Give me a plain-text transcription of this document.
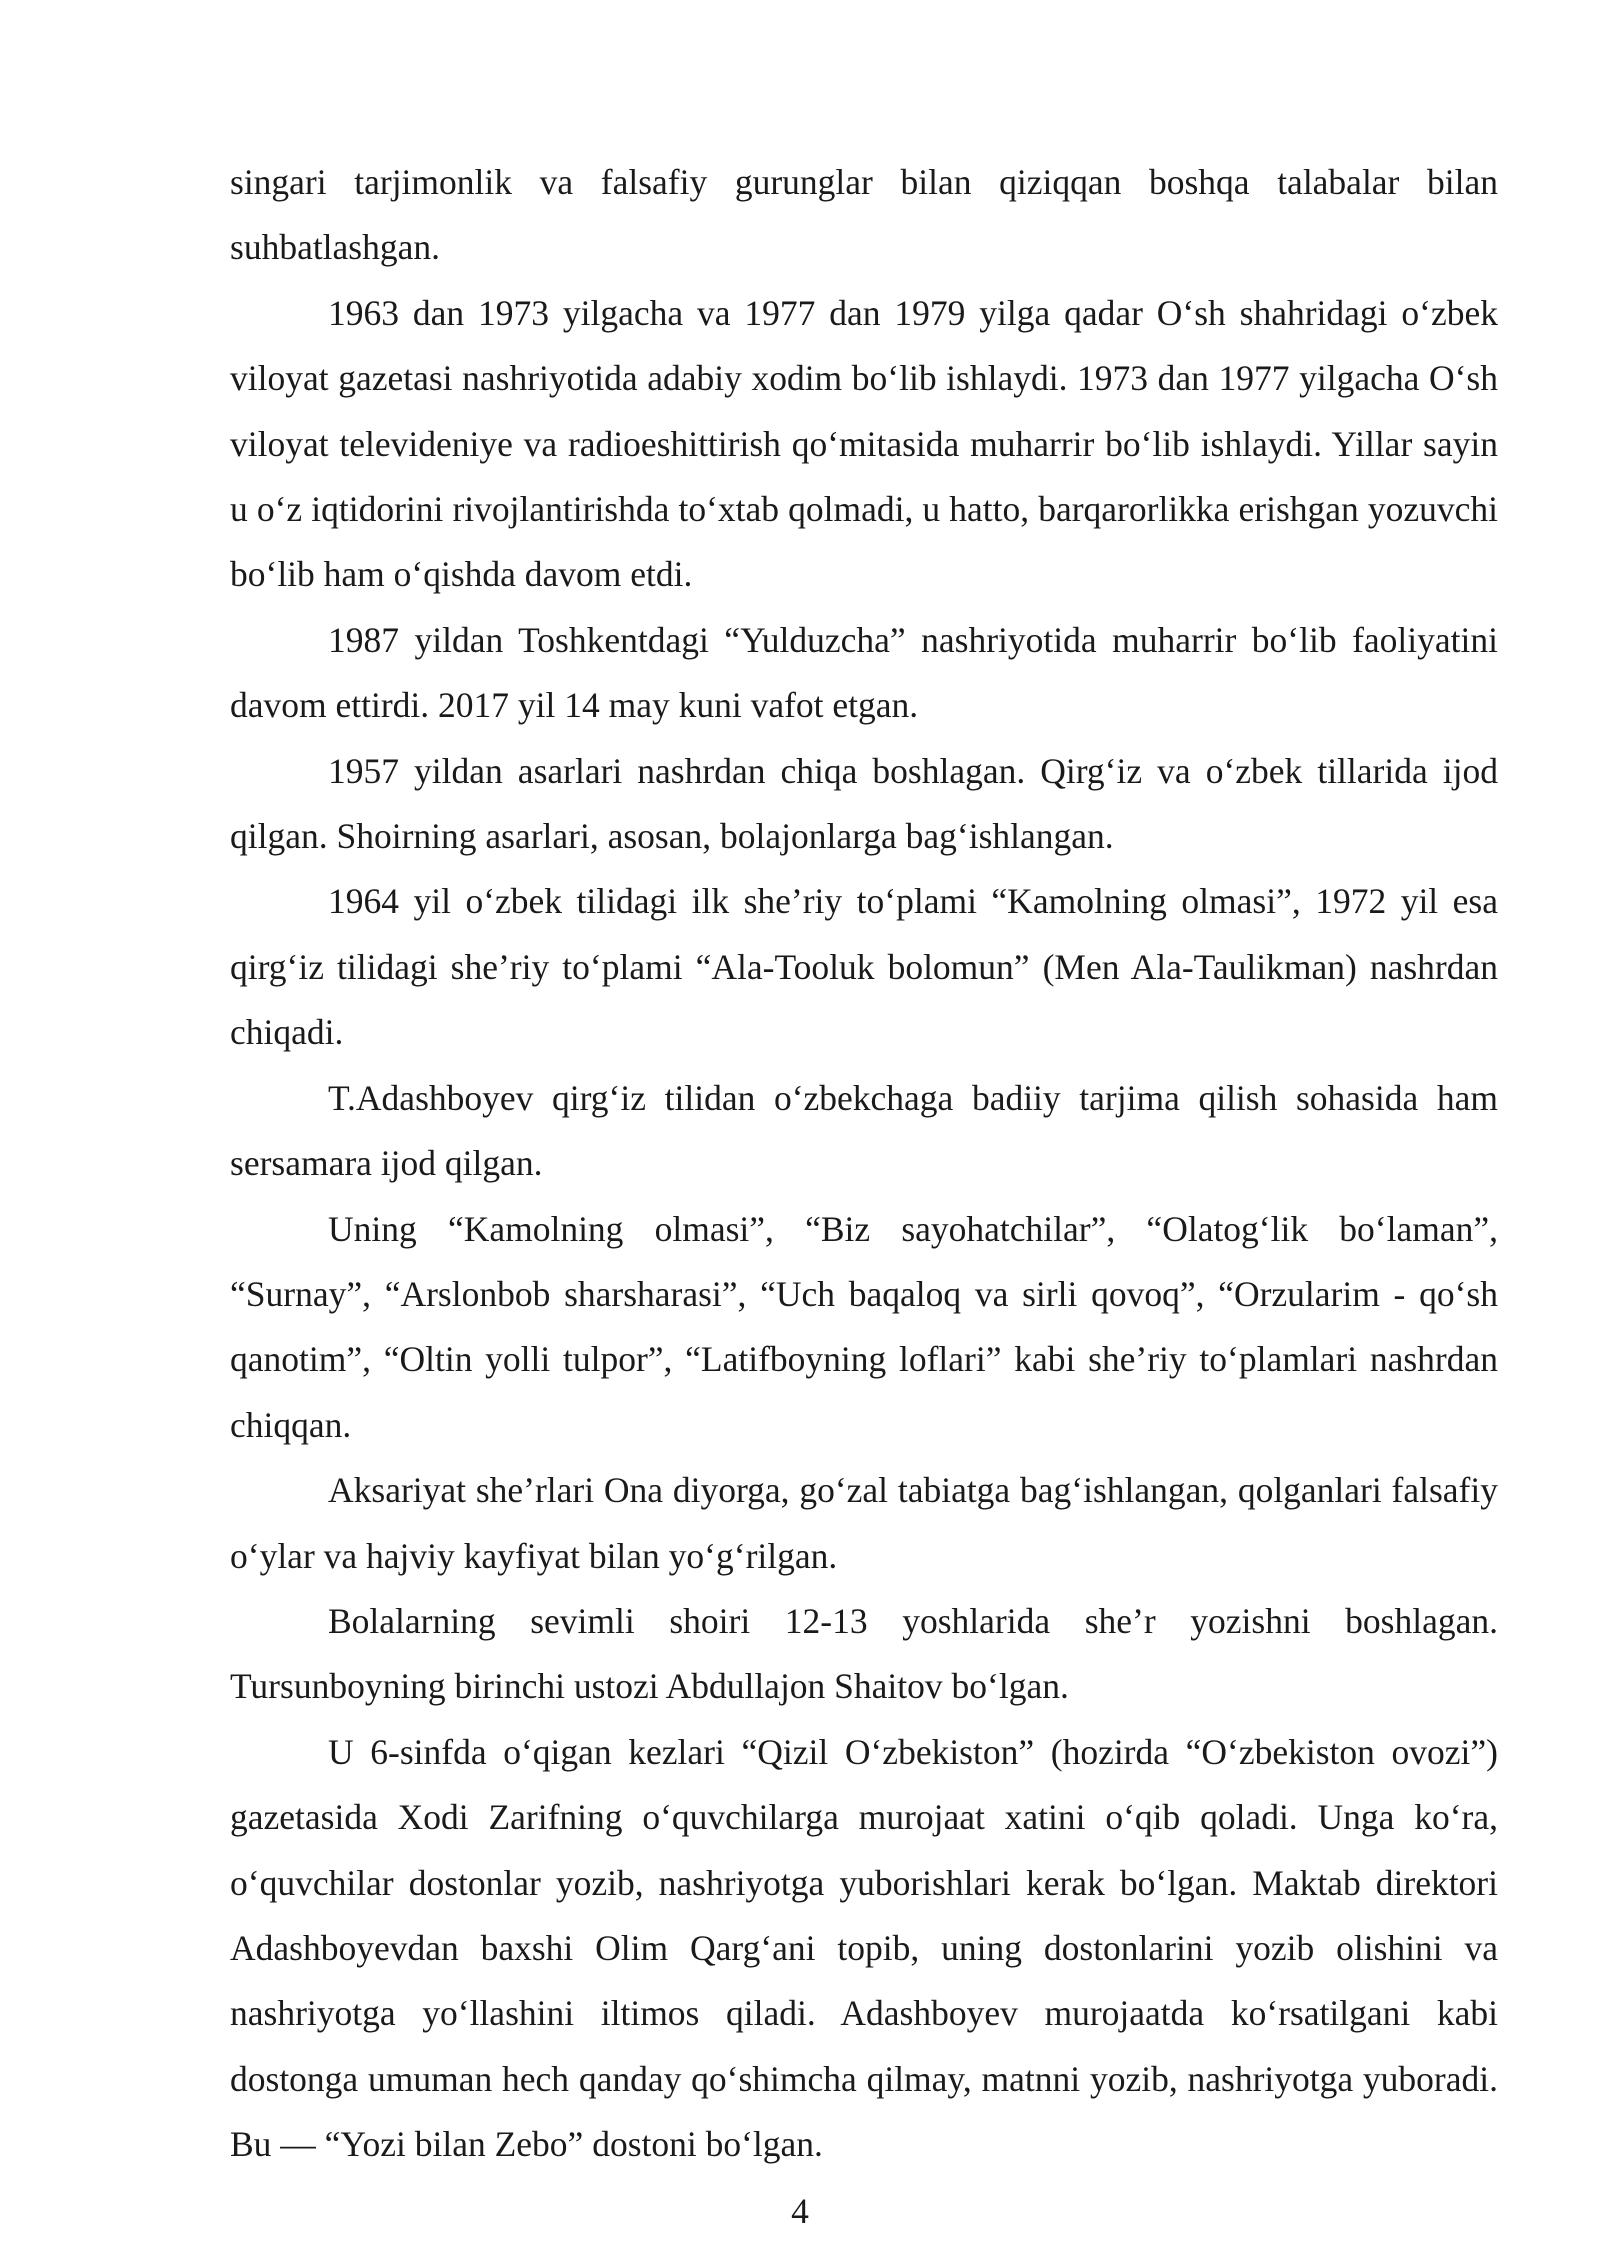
singari tarjimonlik va falsafiy gurunglar bilan qiziqqan boshqa talabalar bilan suhbatlashgan.

1963 dan 1973 yilgacha va 1977 dan 1979 yilga qadar O‘sh shahridagi o‘zbek viloyat gazetasi nashriyotida adabiy xodim bo‘lib ishlaydi. 1973 dan 1977 yilgacha O‘sh viloyat televideniye va radioeshittirish qo‘mitasida muharrir bo‘lib ishlaydi. Yillar sayin u o‘z iqtidorini rivojlantirishda to‘xtab qolmadi, u hatto, barqarorlikka erishgan yozuvchi bo‘lib ham o‘qishda davom etdi.

1987 yildan Toshkentdagi “Yulduzcha” nashriyotida muharrir bo‘lib faoliyatini davom ettirdi. 2017 yil 14 may kuni vafot etgan.

1957 yildan asarlari nashrdan chiqa boshlagan. Qirg‘iz va o‘zbek tillarida ijod qilgan. Shoirning asarlari, asosan, bolajonlarga bag‘ishlangan.

1964 yil o‘zbek tilidagi ilk she’riy to‘plami “Kamolning olmasi”, 1972 yil esa qirg‘iz tilidagi she’riy to‘plami “Ala-Tooluk bolomun” (Men Ala-Taulikman) nashrdan chiqadi.

T.Adashboyev qirg‘iz tilidan o‘zbekchaga badiiy tarjima qilish sohasida ham sersamara ijod qilgan.

Uning “Kamolning olmasi”, “Biz sayohatchilar”, “Olatog‘lik bo‘laman”, “Surnay”, “Arslonbob sharsharasi”, “Uch baqaloq va sirli qovoq”, “Orzularim - qo‘sh qanotim”, “Oltin yolli tulpor”, “Latifboyning loflari” kabi she’riy to‘plamlari nashrdan chiqqan.

Aksariyat she’rlari Ona diyorga, go‘zal tabiatga bag‘ishlangan, qolganlari falsafiy o‘ylar va hajviy kayfiyat bilan yo‘g‘rilgan.

Bolalarning sevimli shoiri 12-13 yoshlarida she’r yozishni boshlagan. Tursunboyning birinchi ustozi Abdullajon Shaitov bo‘lgan.

U 6-sinfda o‘qigan kezlari “Qizil O‘zbekiston” (hozirda “O‘zbekiston ovozi”) gazetasida Xodi Zarifning o‘quvchilarga murojaat xatini o‘qib qoladi. Unga ko‘ra, o‘quvchilar dostonlar yozib, nashriyotga yuborishlari kerak bo‘lgan. Maktab direktori Adashboyevdan baxshi Olim Qarg‘ani topib, uning dostonlarini yozib olishini va nashriyotga yo‘llashini iltimos qiladi. Adashboyev murojaatda ko‘rsatilgani kabi dostonga umuman hech qanday qo‘shimcha qilmay, matnni yozib, nashriyotga yuboradi. Bu — “Yozi bilan Zebo” dostoni bo‘lgan.

4
